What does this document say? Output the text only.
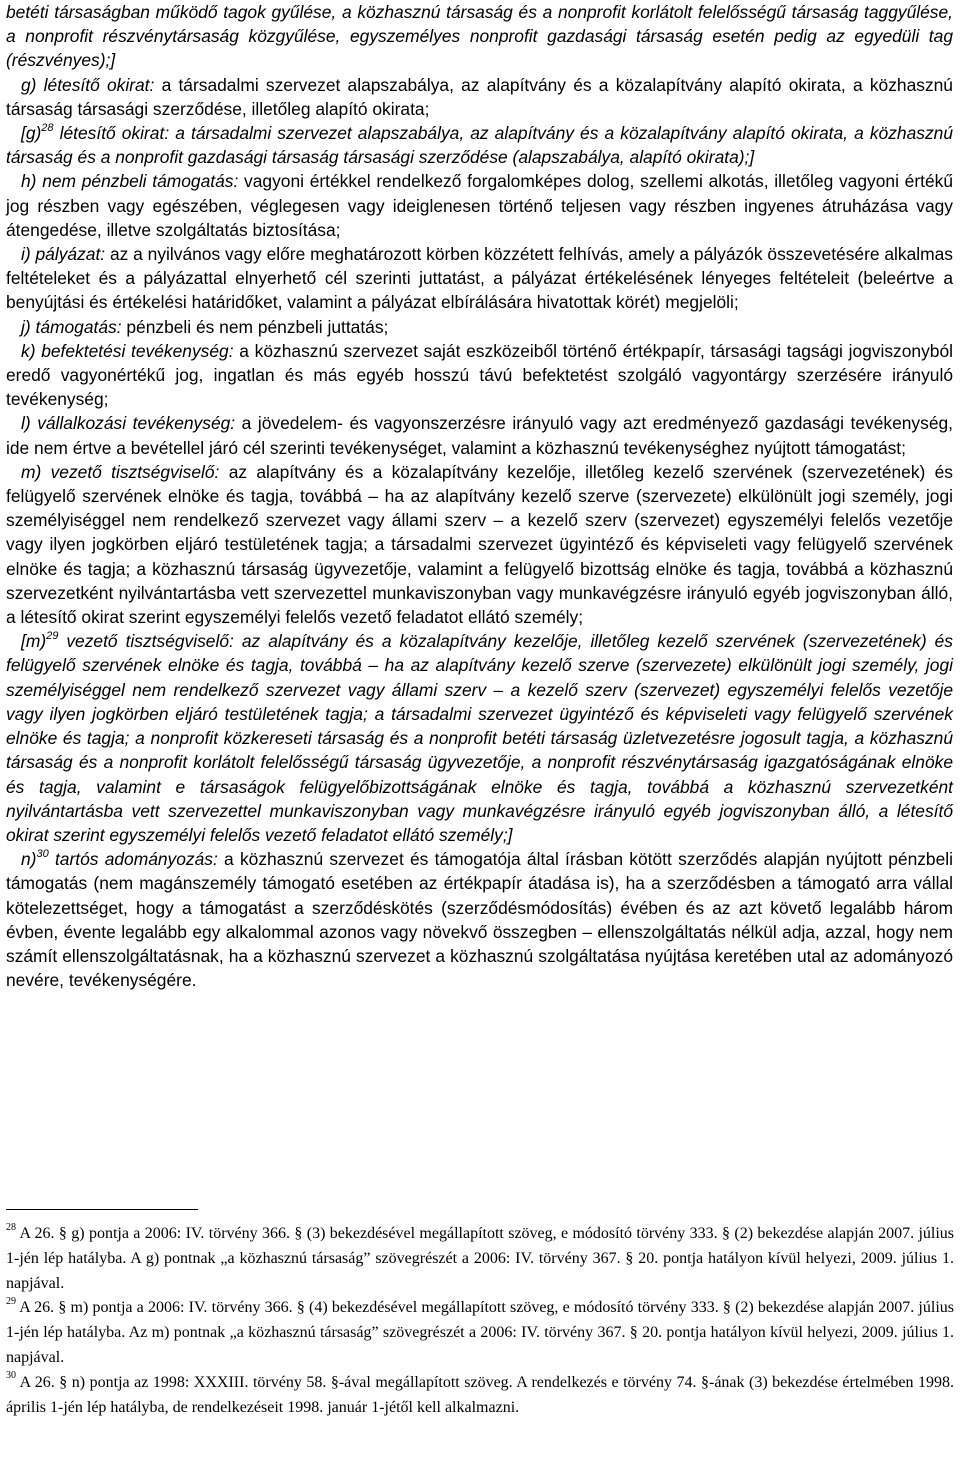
betéti társaságban működő tagok gyűlése, a közhasznú társaság és a nonprofit korlátolt felelősségű társaság taggyűlése, a nonprofit részvénytársaság közgyűlése, egyszemélyes nonprofit gazdasági társaság esetén pedig az egyedüli tag (részvényes);]

g) létesítő okirat: a társadalmi szervezet alapszabálya, az alapítvány és a közalapítvány alapító okirata, a közhasznú társaság társasági szerződése, illetőleg alapító okirata;

[g)$^{28}$ létesítő okirat: a társadalmi szervezet alapszabálya, az alapítvány és a közalapítvány alapító okirata, a közhasznú társaság és a nonprofit gazdasági társaság társasági szerződése (alapszabálya, alapító okirata);]

h) nem pénzbeli támogatás: vagyoni értékkel rendelkező forgalomképes dolog, szellemi alkotás, illetőleg vagyoni értékű jog részben vagy egészében, véglegesen vagy ideiglenesen történő teljesen vagy részben ingyenes átruházása vagy átengedése, illetve szolgáltatás biztosítása;

i) pályázat: az a nyilvános vagy előre meghatározott körben közzétett felhívás, amely a pályázók összevetésére alkalmas feltételeket és a pályázattal elnyerhető cél szerinti juttatást, a pályázat értékelésének lényeges feltételeit (beleértve a benyújtási és értékelési határidőket, valamint a pályázat elbírálására hivatottak körét) megjelöli;

j) támogatás: pénzbeli és nem pénzbeli juttatás;

k) befektetési tevékenység: a közhasznú szervezet saját eszközeiből történő értékpapír, társasági tagsági jogviszonyból eredő vagyonértékű jog, ingatlan és más egyéb hosszú távú befektetést szolgáló vagyontárgy szerzésére irányuló tevékenység;

l) vállalkozási tevékenység: a jövedelem- és vagyonszerzésre irányuló vagy azt eredményező gazdasági tevékenység, ide nem értve a bevétellel járó cél szerinti tevékenységet, valamint a közhasznú tevékenységhez nyújtott támogatást;

m) vezető tisztségviselő: az alapítvány és a közalapítvány kezelője, illetőleg kezelő szervének (szervezetének) és felügyelő szervének elnöke és tagja, továbbá – ha az alapítvány kezelő szerve (szervezete) elkülönült jogi személy, jogi személyiséggel nem rendelkező szervezet vagy állami szerv – a kezelő szerv (szervezet) egyszemélyi felelős vezetője vagy ilyen jogkörben eljáró testületének tagja; a társadalmi szervezet ügyintéző és képviseleti vagy felügyelő szervének elnöke és tagja; a közhasznú társaság ügyvezetője, valamint a felügyelő bizottság elnöke és tagja, továbbá a közhasznú szervezetként nyilvántartásba vett szervezettel munkaviszonyban vagy munkavégzésre irányuló egyéb jogviszonyban álló, a létesítő okirat szerint egyszemélyi felelős vezető feladatot ellátó személy;

[m)$^{29}$ vezető tisztségviselő: az alapítvány és a közalapítvány kezelője, illetőleg kezelő szervének (szervezetének) és felügyelő szervének elnöke és tagja, továbbá – ha az alapítvány kezelő szerve (szervezete) elkülönült jogi személy, jogi személyiséggel nem rendelkező szervezet vagy állami szerv – a kezelő szerv (szervezet) egyszemélyi felelős vezetője vagy ilyen jogkörben eljáró testületének tagja; a társadalmi szervezet ügyintéző és képviseleti vagy felügyelő szervének elnöke és tagja; a nonprofit közkereseti társaság és a nonprofit betéti társaság üzletvezetésre jogosult tagja, a közhasznú társaság és a nonprofit korlátolt felelősségű társaság ügyvezetője, a nonprofit részvénytársaság igazgatóságának elnöke és tagja, valamint e társaságok felügyelőbizottságának elnöke és tagja, továbbá a közhasznú szervezetként nyilvántartásba vett szervezettel munkaviszonyban vagy munkavégzésre irányuló egyéb jogviszonyban álló, a létesítő okirat szerint egyszemélyi felelős vezető feladatot ellátó személy;]

n)$^{30}$ tartós adományozás: a közhasznú szervezet és támogatója által írásban kötött szerződés alapján nyújtott pénzbeli támogatás (nem magánszemély támogató esetében az értékpapír átadása is), ha a szerződésben a támogató arra vállal kötelezettséget, hogy a támogatást a szerződéskötés (szerződésmódosítás) évében és az azt követő legalább három évben, évente legalább egy alkalommal azonos vagy növekvő összegben – ellenszolgáltatás nélkül adja, azzal, hogy nem számít ellenszolgáltatásnak, ha a közhasznú szervezet a közhasznú szolgáltatása nyújtása keretében utal az adományozó nevére, tevékenységére.

$^{28}$ A 26. § g) pontja a 2006: IV. törvény 366. § (3) bekezdésével megállapított szöveg, e módosító törvény 333. § (2) bekezdése alapján 2007. július 1-jén lép hatályba. A g) pontnak „a közhasznú társaság” szövegrészét a 2006: IV. törvény 367. § 20. pontja hatályon kívül helyezi, 2009. július 1. napjával.

$^{29}$ A 26. § m) pontja a 2006: IV. törvény 366. § (4) bekezdésével megállapított szöveg, e módosító törvény 333. § (2) bekezdése alapján 2007. július 1-jén lép hatályba. Az m) pontnak „a közhasznú társaság” szövegrészét a 2006: IV. törvény 367. § 20. pontja hatályon kívül helyezi, 2009. július 1. napjával.

$^{30}$ A 26. § n) pontja az 1998: XXXIII. törvény 58. §-ával megállapított szöveg. A rendelkezés e törvény 74. §-ának (3) bekezdése értelmében 1998. április 1-jén lép hatályba, de rendelkezéseit 1998. január 1-jétől kell alkalmazni.
